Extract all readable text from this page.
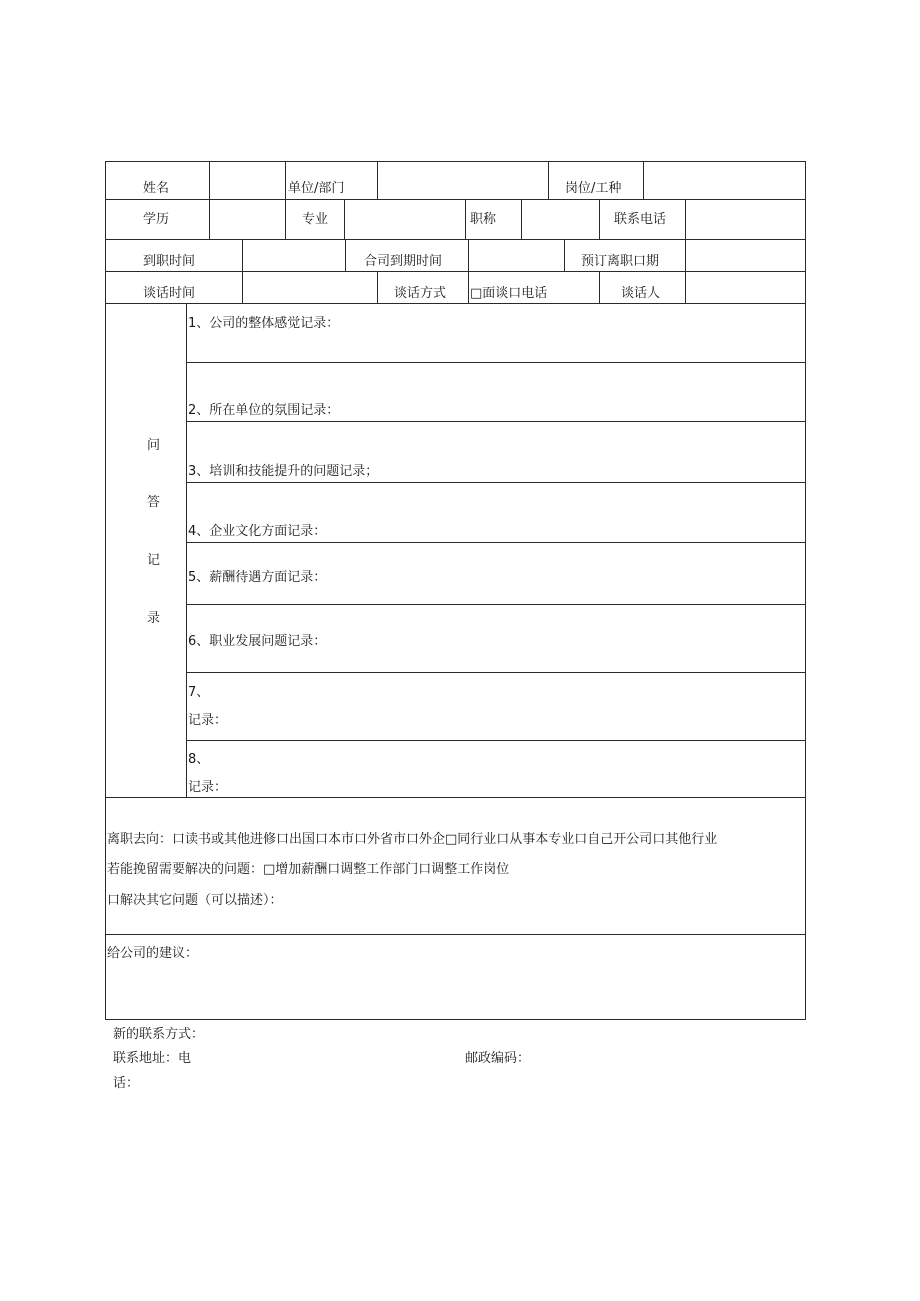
姓名	单位/部门	岗位/工种
学历	专业	职称	联系电话
到职时间	合司到期时间	预订离职口期
谈话时间	谈话方式 □面谈口电话	谈话人
问
答
记
录
1、公司的整体感觉记录：
2、所在单位的氛围记录：
3、培训和技能提升的问题记录；
4、企业文化方面记录：
5、薪酬待遇方面记录：
6、职业发展问题记录：
7、
记录：
8、
记录：
离职去向：口读书或其他进修口出国口本市口外省市口外企□同行业口从事本专业口自己开公司口其他行业
若能挽留需要解决的问题：□增加薪酬口调整工作部门口调整工作岗位
口解决其它问题（可以描述）：
给公司的建议：
新的联系方式：
联系地址：电
话：
邮政编码：
